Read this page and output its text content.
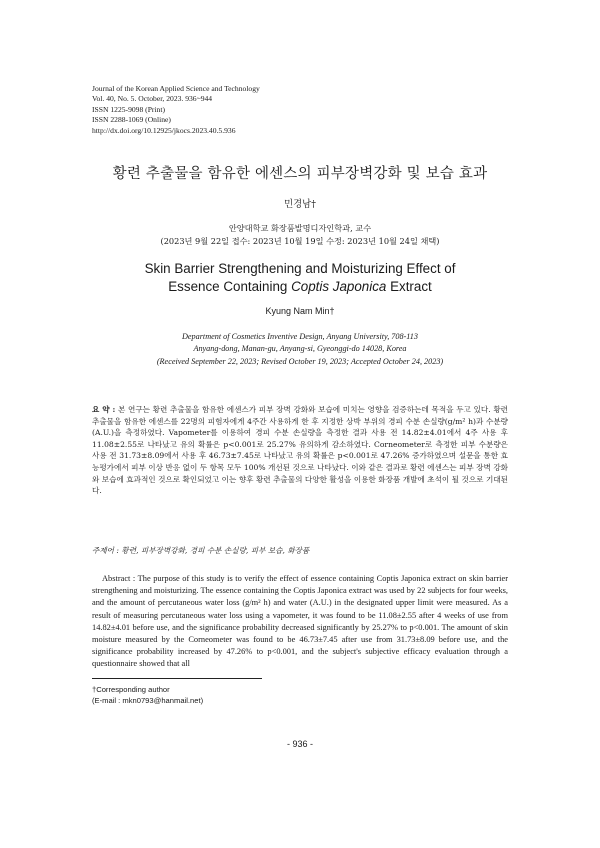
Journal of the Korean Applied Science and Technology
Vol. 40, No. 5. October, 2023. 936~944
ISSN 1225-9098 (Print)
ISSN 2288-1069 (Online)
http://dx.doi.org/10.12925/jkocs.2023.40.5.936
황련 추출물을 함유한 에센스의 피부장벽강화 및 보습 효과
민경남†
안양대학교 화장품발명디자인학과, 교수
(2023년 9월 22일 접수: 2023년 10월 19일 수정: 2023년 10월 24일 채택)
Skin Barrier Strengthening and Moisturizing Effect of
Essence Containing Coptis Japonica Extract
Kyung Nam Min†
Department of Cosmetics Inventive Design, Anyang University, 708-113
Anyang-dong, Manan-gu, Anyang-si, Gyeonggi-do 14028, Korea
(Received September 22, 2023; Revised October 19, 2023; Accepted October 24, 2023)
요 약 : 본 연구는 황련 추출물을 함유한 에센스가 피부 장벽 강화와 보습에 미치는 영향을 검증하는데 목적을 두고 있다. 황련 추출물을 함유한 에센스를 22명의 피험자에게 4주간 사용하게 한 후 지정한 상박 부위의 경피 수분 손실량(g/m² h)과 수분량(A.U.)을 측정하였다. Vapometer를 이용하여 경피 수분 손실량을 측정한 결과 사용 전 14.82±4.01에서 4주 사용 후 11.08±2.55로 나타났고 유의 확률은 p<0.001로 25.27% 유의하게 감소하였다. Corneometer로 측정한 피부 수분량은 사용 전 31.73±8.09에서 사용 후 46.73±7.45로 나타났고 유의 확률은 p<0.001로 47.26% 증가하였으며 설문을 통한 효능평가에서 피부 이상 반응 없이 두 항목 모두 100% 개선된 것으로 나타났다. 이와 같은 결과로 황련 에센스는 피부 장벽 강화와 보습에 효과적인 것으로 확인되었고 이는 향후 황련 추출물의 다양한 활성을 이용한 화장품 개발에 초석이 될 것으로 기대된다.
주제어 : 황련, 피부장벽강화, 경피 수분 손실량, 피부 보습, 화장품
Abstract : The purpose of this study is to verify the effect of essence containing Coptis Japonica extract on skin barrier strengthening and moisturizing. The essence containing the Coptis Japonica extract was used by 22 subjects for four weeks, and the amount of percutaneous water loss (g/m² h) and water (A.U.) in the designated upper limit were measured. As a result of measuring percutaneous water loss using a vapometer, it was found to be 11.08±2.55 after 4 weeks of use from 14.82±4.01 before use, and the significance probability decreased significantly by 25.27% to p<0.001. The amount of skin moisture measured by the Corneometer was found to be 46.73±7.45 after use from 31.73±8.09 before use, and the significance probability increased by 47.26% to p<0.001, and the subject's subjective efficacy evaluation through a questionnaire showed that all
†Corresponding author
(E-mail : mkn0793@hanmail.net)
- 936 -
